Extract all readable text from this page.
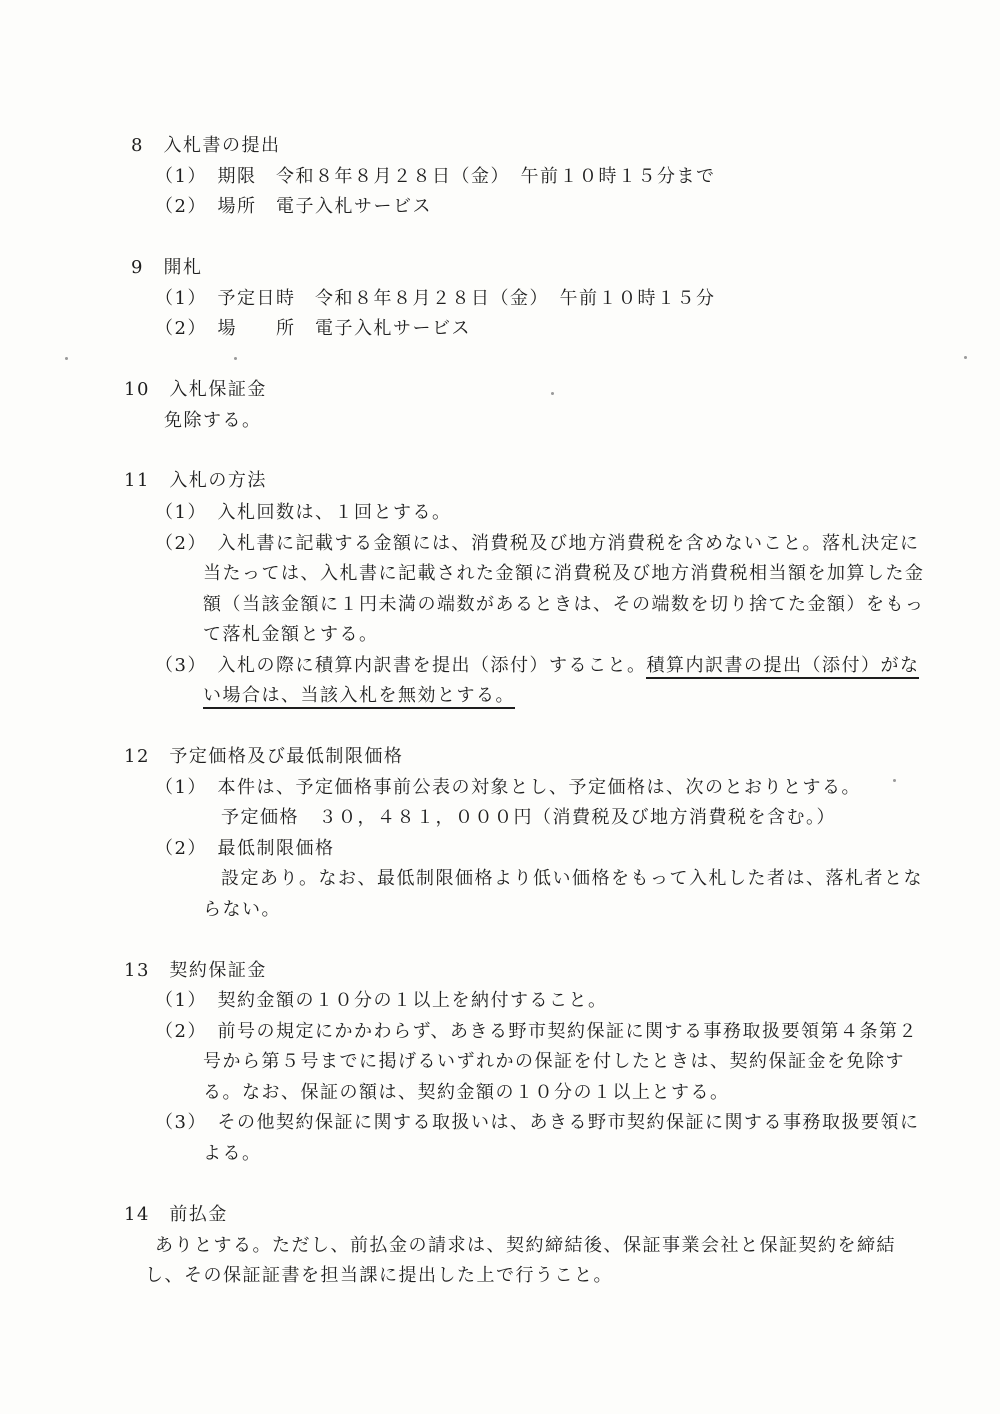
8　入札書の提出
（1）　期限　令和８年８月２８日（金）　午前１０時１５分まで
（2）　場所　電子入札サービス
9　開札
（1）　予定日時　令和８年８月２８日（金）　午前１０時１５分
（2）　場　　所　電子入札サービス
10　入札保証金
免除する。
11　入札の方法
（1）　入札回数は、１回とする。
（2）　入札書に記載する金額には、消費税及び地方消費税を含めないこと。落札決定に
当たっては、入札書に記載された金額に消費税及び地方消費税相当額を加算した金
額（当該金額に１円未満の端数があるときは、その端数を切り捨てた金額）をもっ
て落札金額とする。
（3）　入札の際に積算内訳書を提出（添付）すること。積算内訳書の提出（添付）がな
い場合は、当該入札を無効とする。
12　予定価格及び最低制限価格
（1）　本件は、予定価格事前公表の対象とし、予定価格は、次のとおりとする。
予定価格　３０，４８１，０００円（消費税及び地方消費税を含む。）
（2）　最低制限価格
設定あり。なお、最低制限価格より低い価格をもって入札した者は、落札者とな
らない。
13　契約保証金
（1）　契約金額の１０分の１以上を納付すること。
（2）　前号の規定にかかわらず、あきる野市契約保証に関する事務取扱要領第４条第２
号から第５号までに掲げるいずれかの保証を付したときは、契約保証金を免除す
る。なお、保証の額は、契約金額の１０分の１以上とする。
（3）　その他契約保証に関する取扱いは、あきる野市契約保証に関する事務取扱要領に
よる。
14　前払金
ありとする。ただし、前払金の請求は、契約締結後、保証事業会社と保証契約を締結
し、その保証証書を担当課に提出した上で行うこと。
